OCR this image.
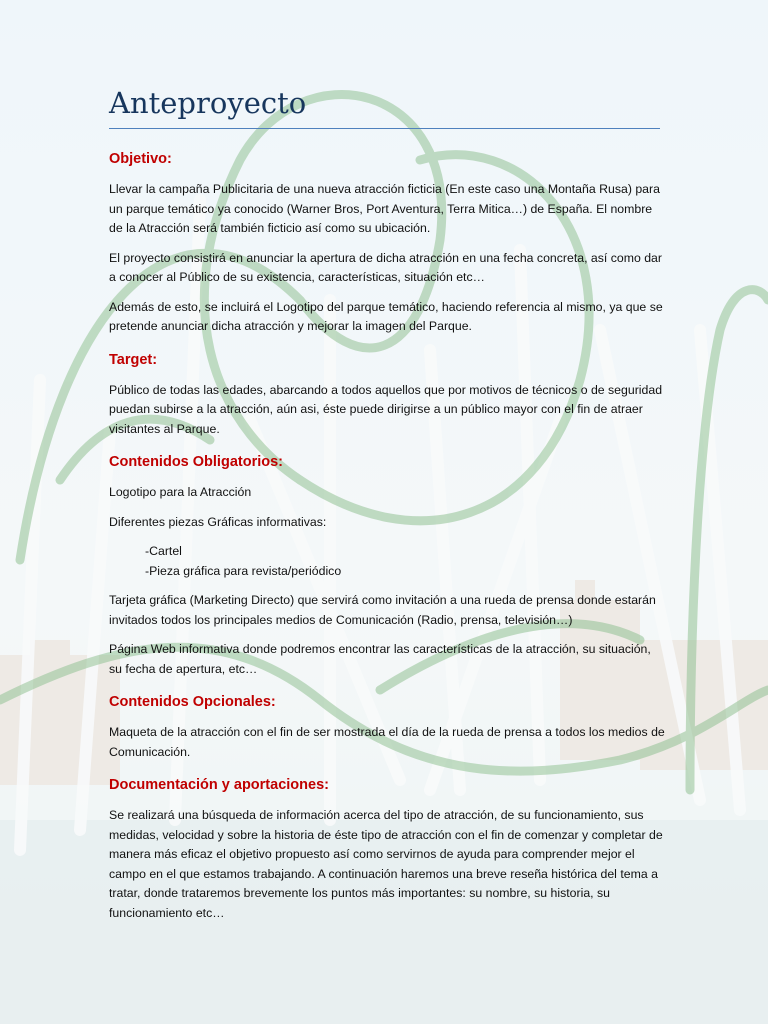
Anteproyecto
Objetivo:

Llevar la campaña Publicitaria de una nueva atracción ficticia (En este caso una Montaña Rusa) para un parque temático ya conocido (Warner Bros, Port Aventura, Terra Mitica…) de España. El nombre de la Atracción será también ficticio así como su ubicación.

El proyecto consistirá en anunciar la apertura de dicha atracción en una fecha concreta, así como dar a conocer al Público de su existencia, características, situación etc…

Además de esto, se incluirá el Logotipo del parque temático, haciendo referencia al mismo, ya que se pretende anunciar dicha atracción y mejorar la imagen del Parque.

Target:

Público de todas las edades, abarcando a todos aquellos que por motivos de técnicos o de seguridad puedan subirse a la atracción, aún asi, éste puede dirigirse a un público mayor con el fin de atraer visitantes al Parque.

Contenidos Obligatorios:

Logotipo para la Atracción

Diferentes piezas Gráficas informativas:

-Cartel

-Pieza gráfica para revista/periódico

Tarjeta gráfica (Marketing Directo) que servirá como invitación a una rueda de prensa donde estarán invitados todos los principales medios de Comunicación (Radio, prensa, televisión…)

Página Web informativa donde podremos encontrar las características de la atracción, su situación, su fecha de apertura, etc…

Contenidos Opcionales:

Maqueta de la atracción con el fin de ser mostrada el día de la rueda de prensa a todos los medios de Comunicación.

Documentación y aportaciones:

Se realizará una búsqueda de información acerca del tipo de atracción, de su funcionamiento, sus medidas, velocidad y sobre la historia de éste tipo de atracción con el fin de comenzar y completar de manera más eficaz el objetivo propuesto así como servirnos de ayuda para comprender mejor el campo en el que estamos trabajando. A continuación haremos una breve reseña histórica del tema a tratar, donde trataremos brevemente los puntos más importantes: su nombre, su historia, su funcionamiento etc…
